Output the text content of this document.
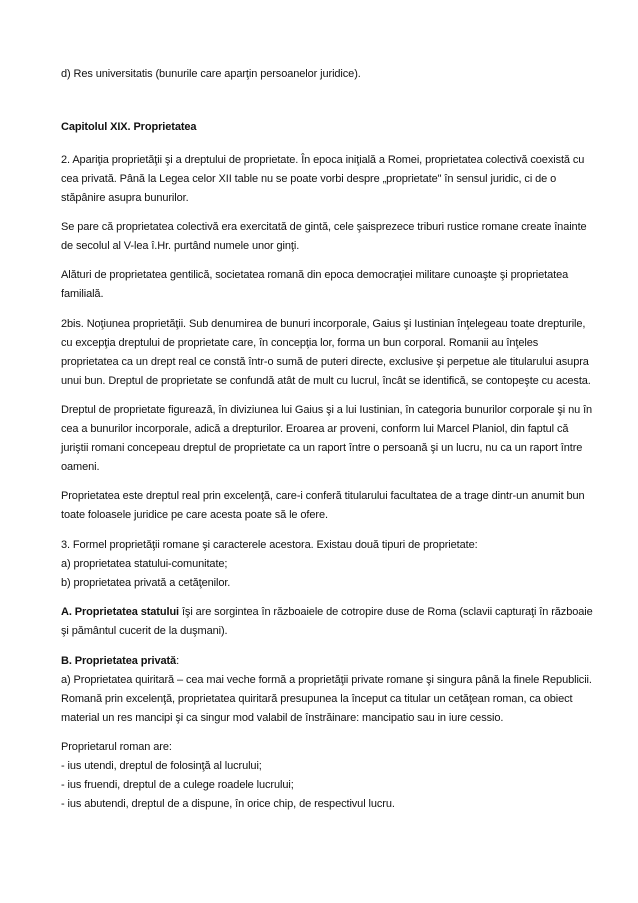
d) Res universitatis (bunurile care aparţin persoanelor juridice).
Capitolul XIX. Proprietatea
2. Apariţia proprietăţii şi a dreptului de proprietate. În epoca iniţială a Romei, proprietatea colectivă coexistă cu
cea privată. Până la Legea celor XII table nu se poate vorbi despre „proprietate" în sensul juridic, ci de o
stăpânire asupra bunurilor.
Se pare că proprietatea colectivă era exercitată de gintă, cele şaisprezece triburi rustice romane create înainte
de secolul al V-lea î.Hr. purtând numele unor ginţi.
Alături de proprietatea gentilică, societatea romană din epoca democraţiei militare cunoaşte şi proprietatea
familială.
2bis. Noţiunea proprietăţii. Sub denumirea de bunuri incorporale, Gaius şi Iustinian înţelegeau toate drepturile,
cu excepţia dreptului de proprietate care, în concepţia lor, forma un bun corporal. Romanii au înţeles
proprietatea ca un drept real ce constă într-o sumă de puteri directe, exclusive şi perpetue ale titularului asupra
unui bun. Dreptul de proprietate se confundă atât de mult cu lucrul, încât se identifică, se contopeşte cu acesta.
Dreptul de proprietate figurează, în diviziunea lui Gaius şi a lui Iustinian, în categoria bunurilor corporale şi nu în
cea a bunurilor incorporale, adică a drepturilor. Eroarea ar proveni, conform lui Marcel Planiol, din faptul că
juriştii romani concepeau dreptul de proprietate ca un raport între o persoană şi un lucru, nu ca un raport între
oameni.
Proprietatea este dreptul real prin excelenţă, care-i conferă titularului facultatea de a trage dintr-un anumit bun
toate foloasele juridice pe care acesta poate să le ofere.
3. Formel proprietăţii romane şi caracterele acestora. Existau două tipuri de proprietate:
a) proprietatea statului-comunitate;
b) proprietatea privată a cetăţenilor.
A. Proprietatea statului îşi are sorgintea în războaiele de cotropire duse de Roma (sclavii capturaţi în războaie
şi pământul cucerit de la duşmani).
B. Proprietatea privată:
a) Proprietatea quiritară – cea mai veche formă a proprietăţii private romane şi singura până la finele Republicii.
Romană prin excelenţă, proprietatea quiritară presupunea la început ca titular un cetăţean roman, ca obiect
material un res mancipi şi ca singur mod valabil de înstrăinare: mancipatio sau in iure cessio.
Proprietarul roman are:
- ius utendi, dreptul de folosinţă al lucrului;
- ius fruendi, dreptul de a culege roadele lucrului;
- ius abutendi, dreptul de a dispune, în orice chip, de respectivul lucru.
